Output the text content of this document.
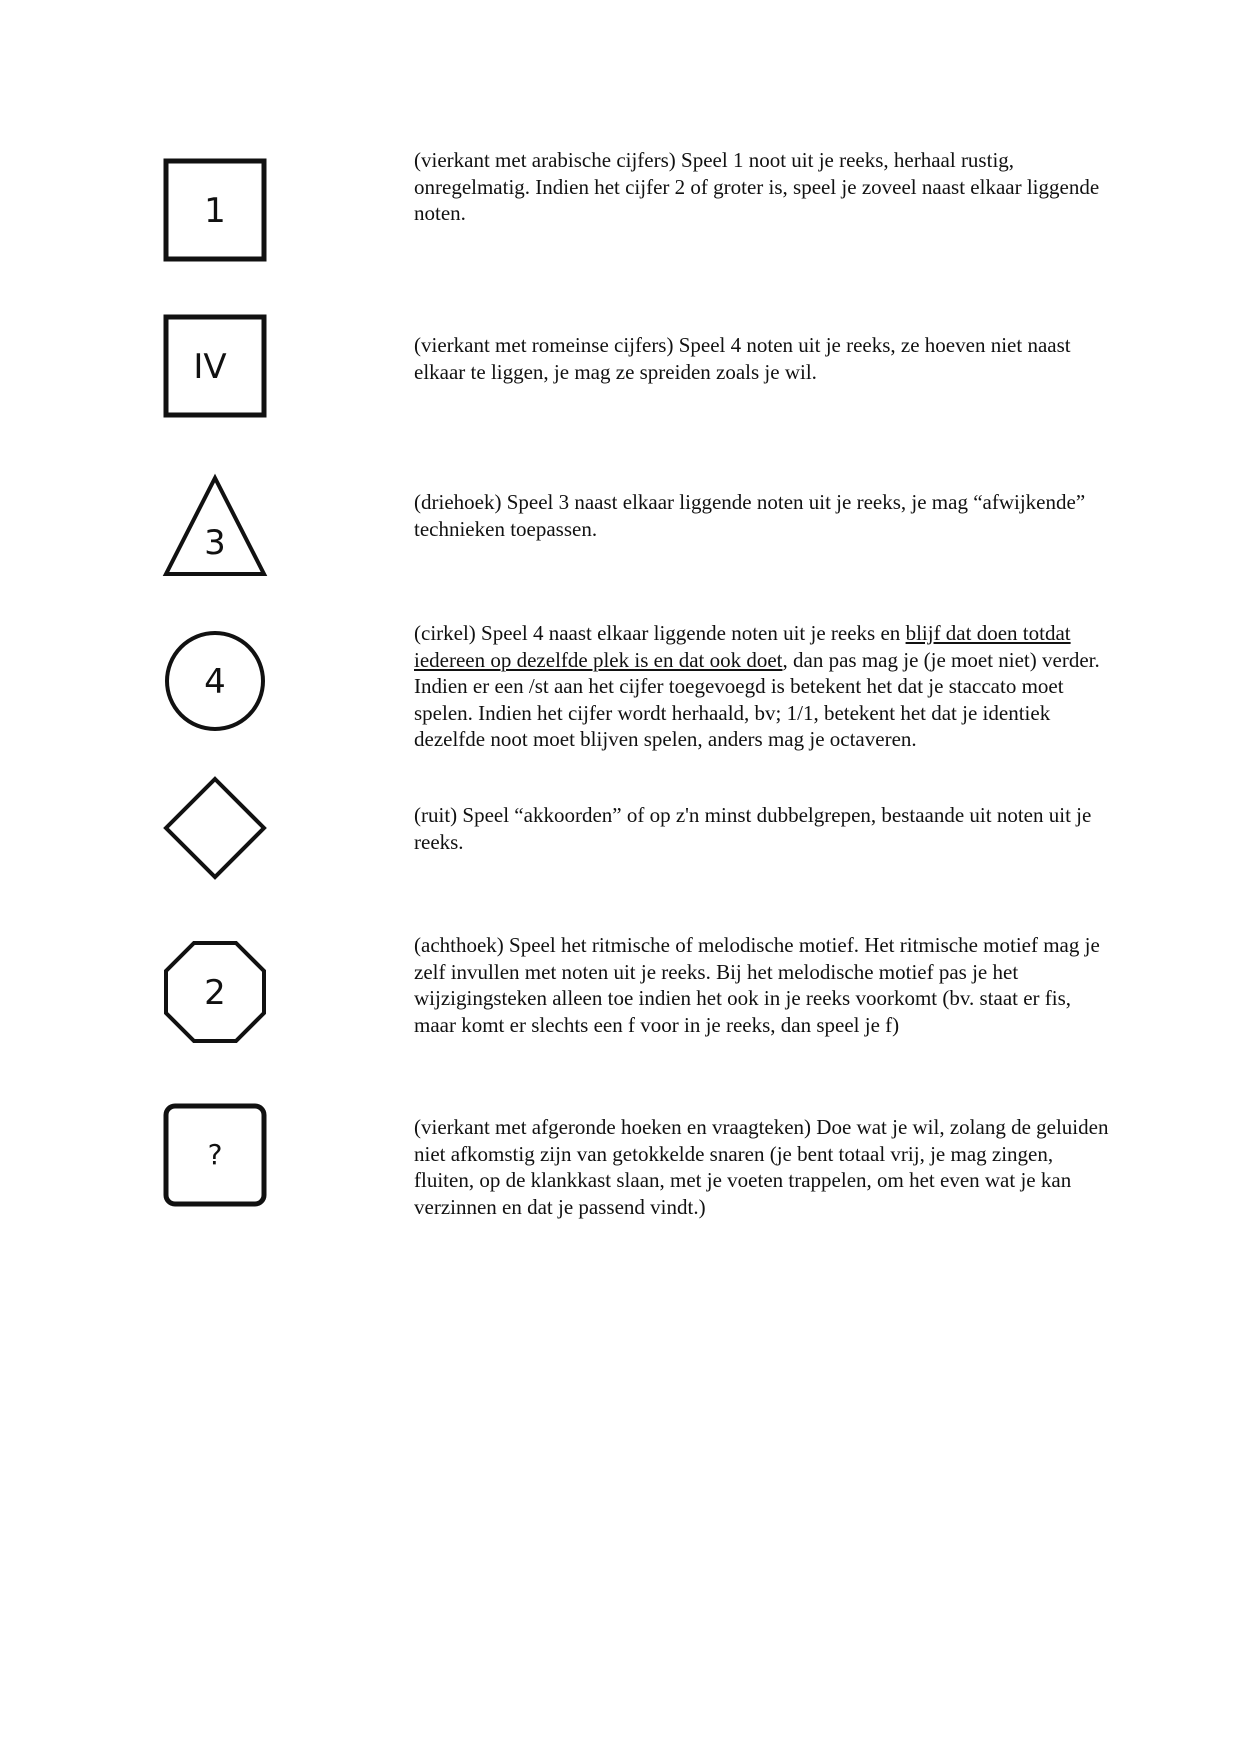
1

(vierkant met arabische cijfers) Speel 1 noot uit je reeks, herhaal rustig, onregelmatig. Indien het cijfer 2 of groter is, speel je zoveel naast elkaar liggende noten.

IV

(vierkant met romeinse cijfers) Speel 4 noten uit je reeks, ze hoeven niet naast elkaar te liggen, je mag ze spreiden zoals je wil.

3

(driehoek) Speel 3 naast elkaar liggende noten uit je reeks, je mag “afwijkende” technieken toepassen.

4

(cirkel) Speel 4 naast elkaar liggende noten uit je reeks en blijf dat doen totdat iedereen op dezelfde plek is en dat ook doet, dan pas mag je (je moet niet) verder. Indien er een /st aan het cijfer toegevoegd is betekent het dat je staccato moet spelen. Indien het cijfer wordt herhaald, bv; 1/1, betekent het dat je identiek dezelfde noot moet blijven spelen, anders mag je octaveren.

(ruit) Speel “akkoorden” of op z'n minst dubbelgrepen, bestaande uit noten uit je reeks.

2

(achthoek) Speel het ritmische of melodische motief. Het ritmische motief mag je zelf invullen met noten uit je reeks. Bij het melodische motief pas je het wijzigingsteken alleen toe indien het ook in je reeks voorkomt (bv. staat er fis, maar komt er slechts een f voor in je reeks, dan speel je f)

?

(vierkant met afgeronde hoeken en vraagteken) Doe wat je wil, zolang de geluiden niet afkomstig zijn van getokkelde snaren (je bent totaal vrij, je mag zingen, fluiten, op de klankkast slaan, met je voeten trappelen, om het even wat je kan verzinnen en dat je passend vindt.)
